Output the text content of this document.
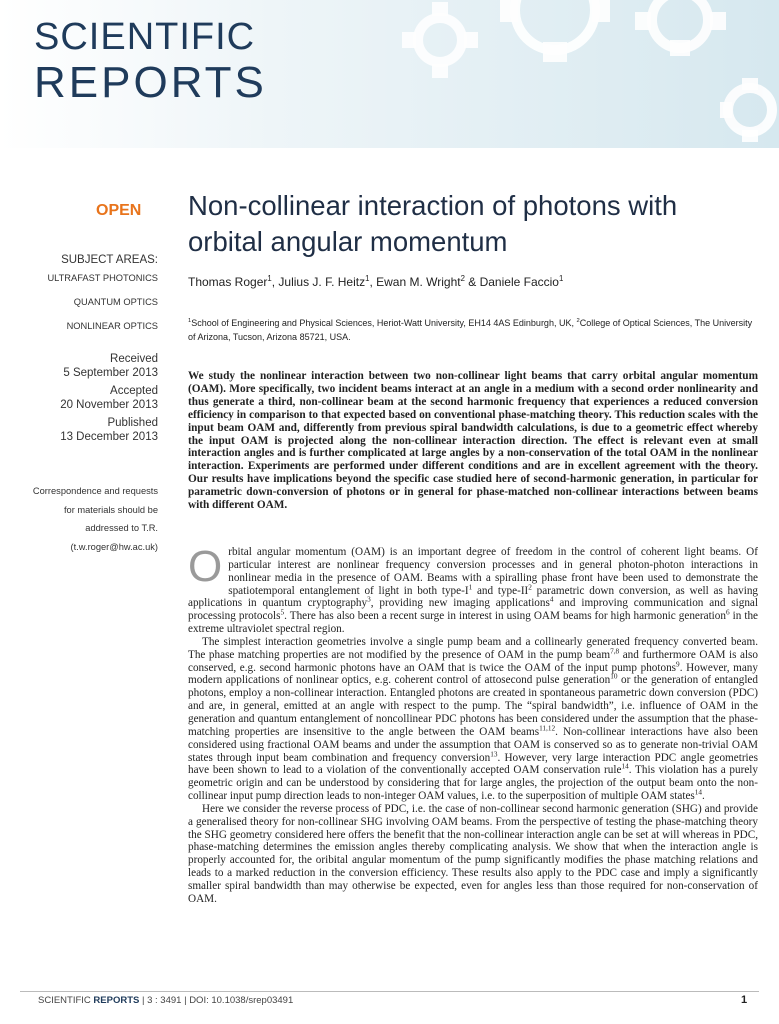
SCIENTIFIC
REPORTS
OPEN Non-collinear interaction of photons with orbital angular momentum
SUBJECT AREAS:
ULTRAFAST PHOTONICS
QUANTUM OPTICS
NONLINEAR OPTICS
Received
5 September 2013
Accepted
20 November 2013
Published
13 December 2013
Correspondence and requests for materials should be addressed to T.R. (t.w.roger@hw.ac.uk)
Thomas Roger$^1$, Julius J. F. Heitz$^1$, Ewan M. Wright$^2$ & Daniele Faccio$^1$
$^1$School of Engineering and Physical Sciences, Heriot-Watt University, EH14 4AS Edinburgh, UK, $^2$College of Optical Sciences, The University of Arizona, Tucson, Arizona 85721, USA.
We study the nonlinear interaction between two non-collinear light beams that carry orbital angular momentum (OAM). More specifically, two incident beams interact at an angle in a medium with a second order nonlinearity and thus generate a third, non-collinear beam at the second harmonic frequency that experiences a reduced conversion efficiency in comparison to that expected based on conventional phase-matching theory. This reduction scales with the input beam OAM and, differently from previous spiral bandwidth calculations, is due to a geometric effect whereby the input OAM is projected along the non-collinear interaction direction. The effect is relevant even at small interaction angles and is further complicated at large angles by a non-conservation of the total OAM in the nonlinear interaction. Experiments are performed under different conditions and are in excellent agreement with the theory. Our results have implications beyond the specific case studied here of second-harmonic generation, in particular for parametric down-conversion of photons or in general for phase-matched non-collinear interactions between beams with different OAM.

Orbital angular momentum (OAM) is an important degree of freedom in the control of coherent light beams. Of particular interest are nonlinear frequency conversion processes and in general photon-photon interactions in nonlinear media in the presence of OAM. Beams with a spiralling phase front have been used to demonstrate the spatiotemporal entanglement of light in both type-$I^1$ and type-$II^2$ parametric down conversion, as well as having applications in quantum cryptography$^3$, providing new imaging applications$^4$ and improving communication and signal processing protocols$^5$. There has also been a recent surge in interest in using OAM beams for high harmonic generation$^6$ in the extreme ultraviolet spectral region.

The simplest interaction geometries involve a single pump beam and a collinearly generated frequency converted beam. The phase matching properties are not modified by the presence of OAM in the pump beam$^{7,8}$ and furthermore OAM is also conserved, e.g. second harmonic photons have an OAM that is twice the OAM of the input pump photons$^9$. However, many modern applications of nonlinear optics, e.g. coherent control of attosecond pulse generation$^{10}$ or the generation of entangled photons, employ a non-collinear interaction. Entangled photons are created in spontaneous parametric down conversion (PDC) and are, in general, emitted at an angle with respect to the pump. The “spiral bandwidth”, i.e. influence of OAM in the generation and quantum entanglement of noncollinear PDC photons has been considered under the assumption that the phase-matching properties are insensitive to the angle between the OAM beams$^{11,12}$. Non-collinear interactions have also been considered using fractional OAM beams and under the assumption that OAM is conserved so as to generate non-trivial OAM states through input beam combination and frequency conversion$^{13}$. However, very large interaction PDC angle geometries have been shown to lead to a violation of the conventionally accepted OAM conservation rule$^{14}$. This violation has a purely geometric origin and can be understood by considering that for large angles, the projection of the output beam onto the non-collinear input pump direction leads to non-integer OAM values, i.e. to the superposition of multiple OAM states$^{14}$.

Here we consider the reverse process of PDC, i.e. the case of non-collinear second harmonic generation (SHG) and provide a generalised theory for non-collinear SHG involving OAM beams. From the perspective of testing the phase-matching theory the SHG geometry considered here offers the benefit that the non-collinear interaction angle can be set at will whereas in PDC, phase-matching determines the emission angles thereby complicating analysis. We show that when the interaction angle is properly accounted for, the oribital angular momentum of the pump significantly modifies the phase matching relations and leads to a marked reduction in the conversion efficiency. These results also apply to the PDC case and imply a significantly smaller spiral bandwidth than may otherwise be expected, even for angles less than those required for non-conservation of OAM.

SCIENTIFIC REPORTS | 3 : 3491 | DOI: 10.1038/srep03491	1
